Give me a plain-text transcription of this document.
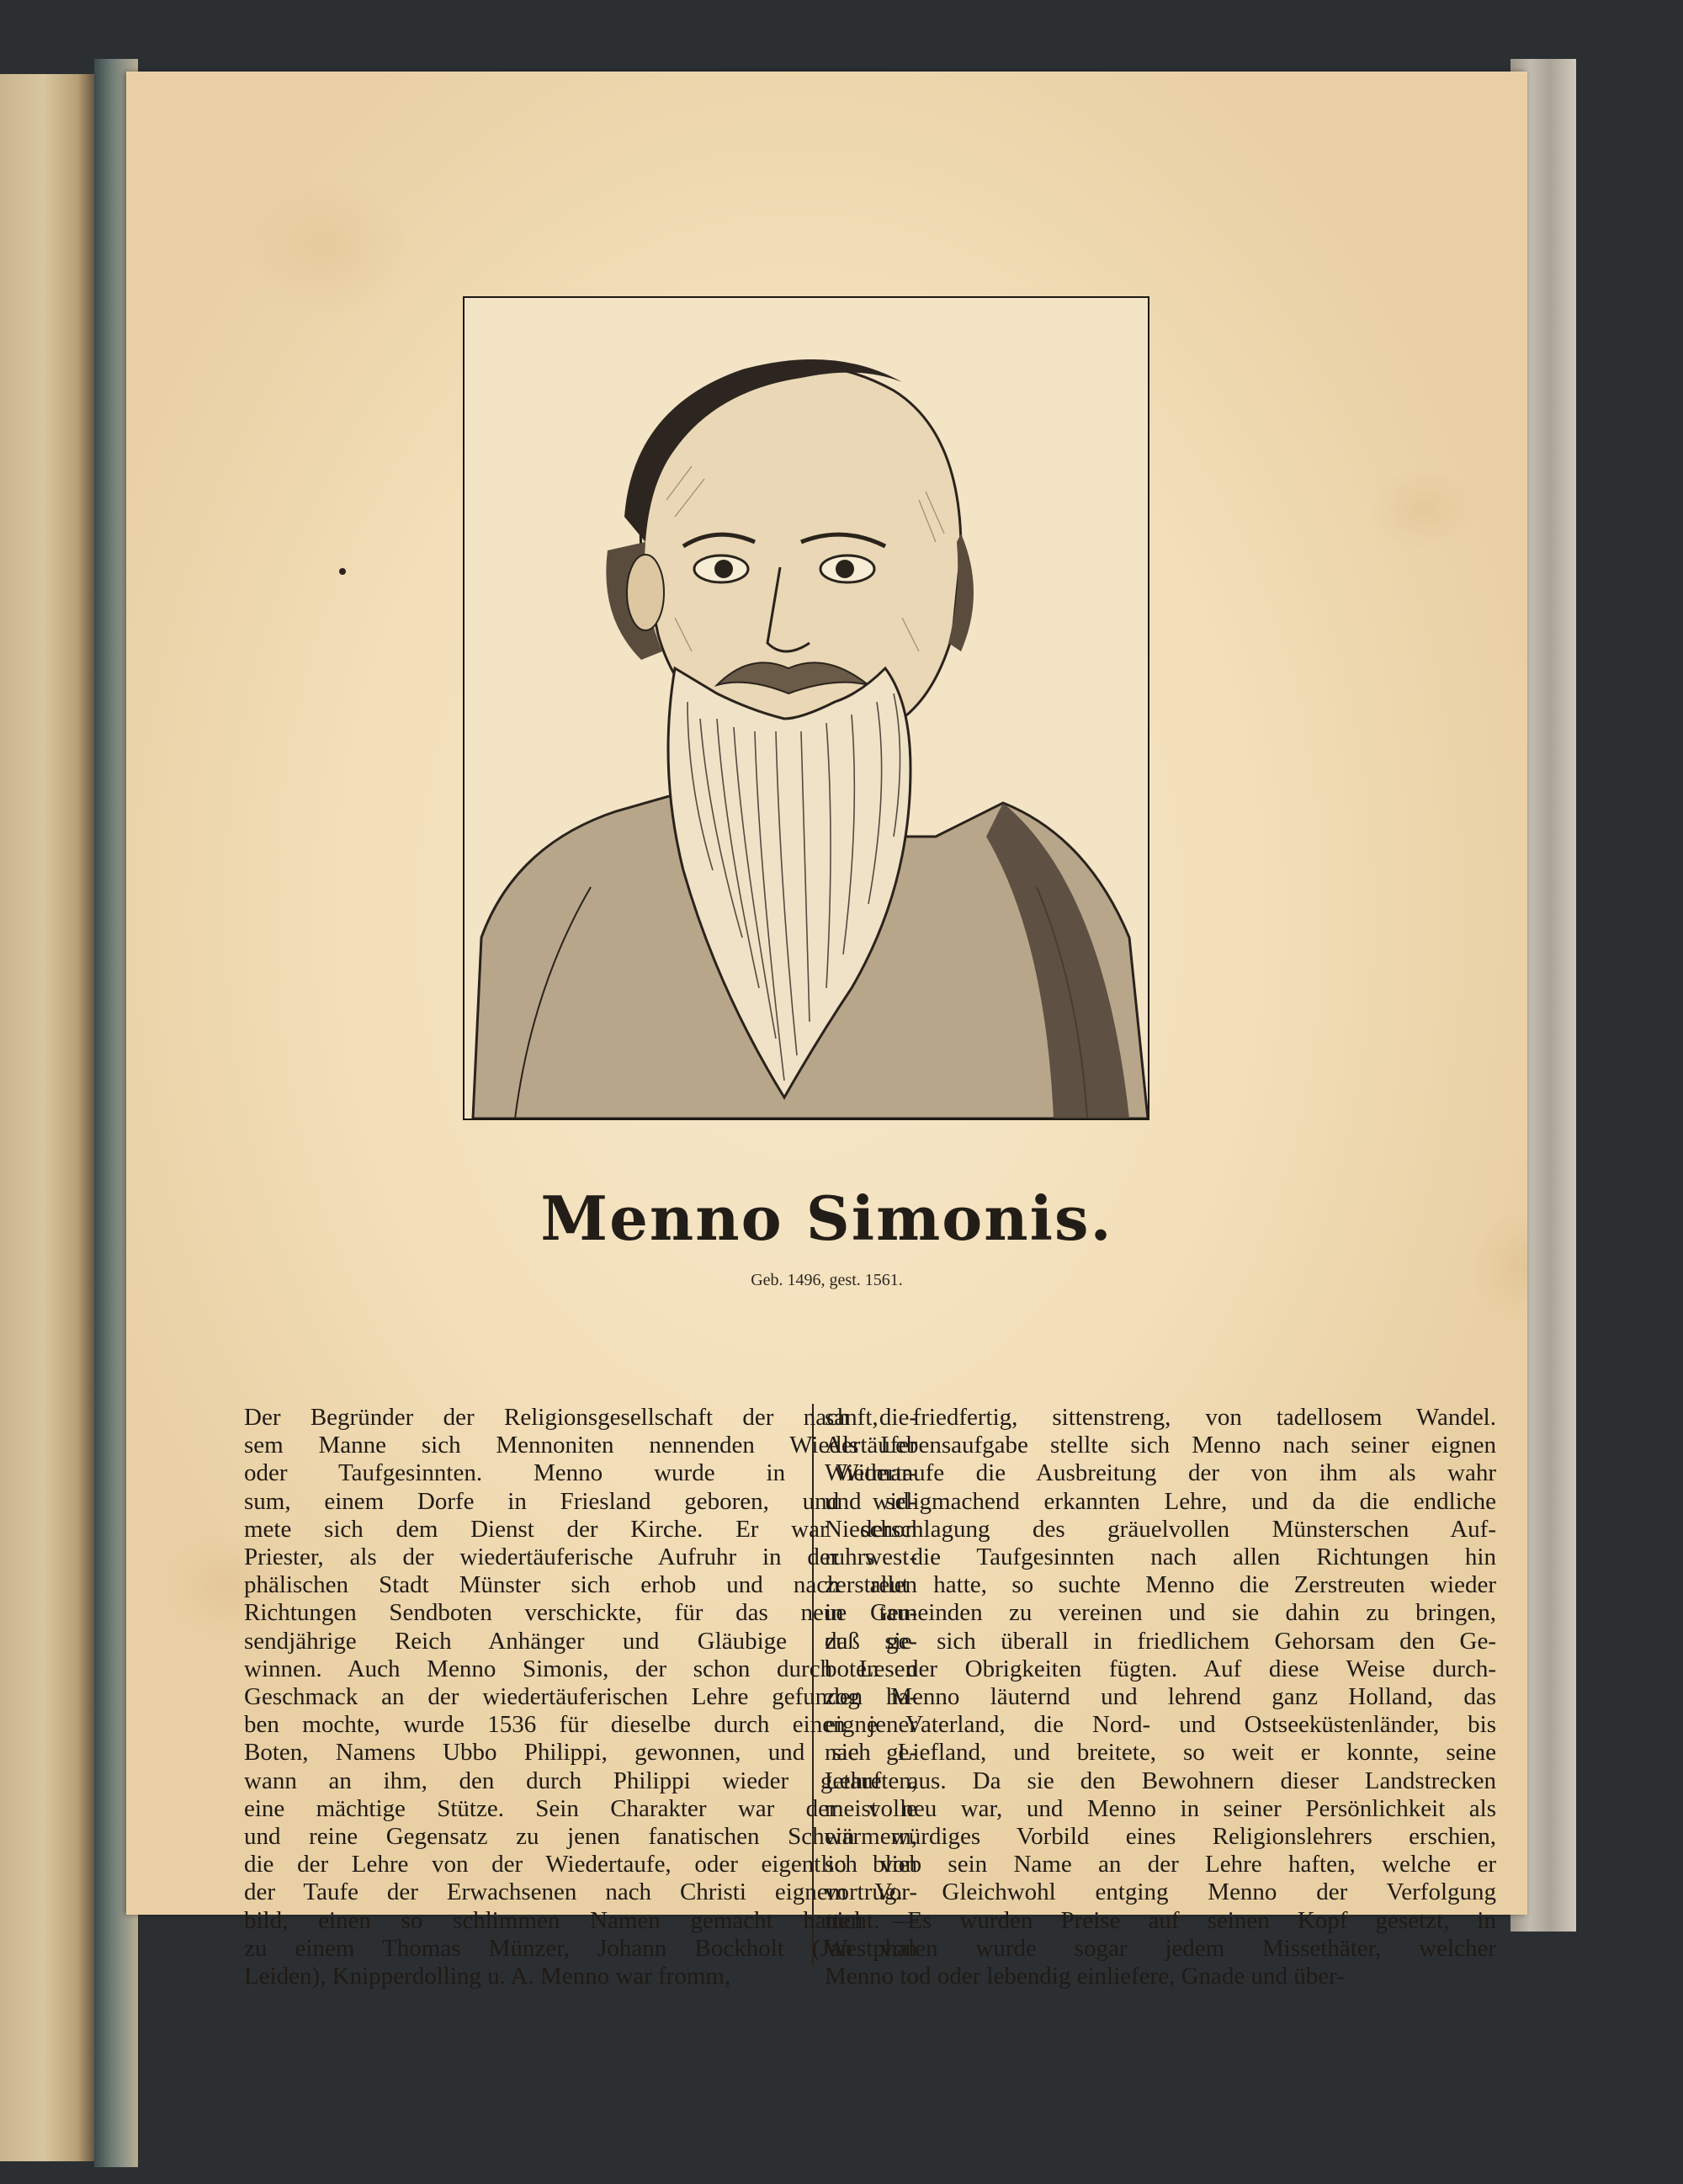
Menno Simonis.
Geb. 1496, gest. 1561.
Der Begründer der Religionsgesellschaft der nach die-
sem Manne sich Mennoniten nennenden Wiedertäufer
oder Taufgesinnten. Menno wurde in Witmar-
sum, einem Dorfe in Friesland geboren, und wid-
mete sich dem Dienst der Kirche. Er war schon
Priester, als der wiedertäuferische Aufruhr in der west-
phälischen Stadt Münster sich erhob und nach allen
Richtungen Sendboten verschickte, für das neue tau-
sendjährige Reich Anhänger und Gläubige zu ge-
winnen. Auch Menno Simonis, der schon durch Lesen
Geschmack an der wiedertäuferischen Lehre gefunden ha-
ben mochte, wurde 1536 für dieselbe durch einen jener
Boten, Namens Ubbo Philippi, gewonnen, und sie ge-
wann an ihm, den durch Philippi wieder getauften,
eine mächtige Stütze. Sein Charakter war der volle
und reine Gegensatz zu jenen fanatischen Schwärmern,
die der Lehre von der Wiedertaufe, oder eigentlich von
der Taufe der Erwachsenen nach Christi eignem Vor-
bild, einen so schlimmen Namen gemacht hatten —
zu einem Thomas Münzer, Johann Bockholt (Jan von
Leiden), Knipperdolling u. A. Menno war fromm,
sanft, friedfertig, sittenstreng, von tadellosem Wandel.
Als Lebensaufgabe stellte sich Menno nach seiner eignen
Wiedertaufe die Ausbreitung der von ihm als wahr
und seligmachend erkannten Lehre, und da die endliche
Niederschlagung des gräuelvollen Münsterschen Auf-
ruhrs die Taufgesinnten nach allen Richtungen hin
zerstreut hatte, so suchte Menno die Zerstreuten wieder
in Gemeinden zu vereinen und sie dahin zu bringen,
daß sie sich überall in friedlichem Gehorsam den Ge-
boten der Obrigkeiten fügten. Auf diese Weise durch-
zog Menno läuternd und lehrend ganz Holland, das
eigne Vaterland, die Nord- und Ostseeküstenländer, bis
nach Liefland, und breitete, so weit er konnte, seine
Lehre aus. Da sie den Bewohnern dieser Landstrecken
meist neu war, und Menno in seiner Persönlichkeit als
ein würdiges Vorbild eines Religionslehrers erschien,
so blieb sein Name an der Lehre haften, welche er
vortrug. Gleichwohl entging Menno der Verfolgung
nicht. Es wurden Preise auf seinen Kopf gesetzt, in
Westphalen wurde sogar jedem Missethäter, welcher
Menno tod oder lebendig einliefere, Gnade und über-
